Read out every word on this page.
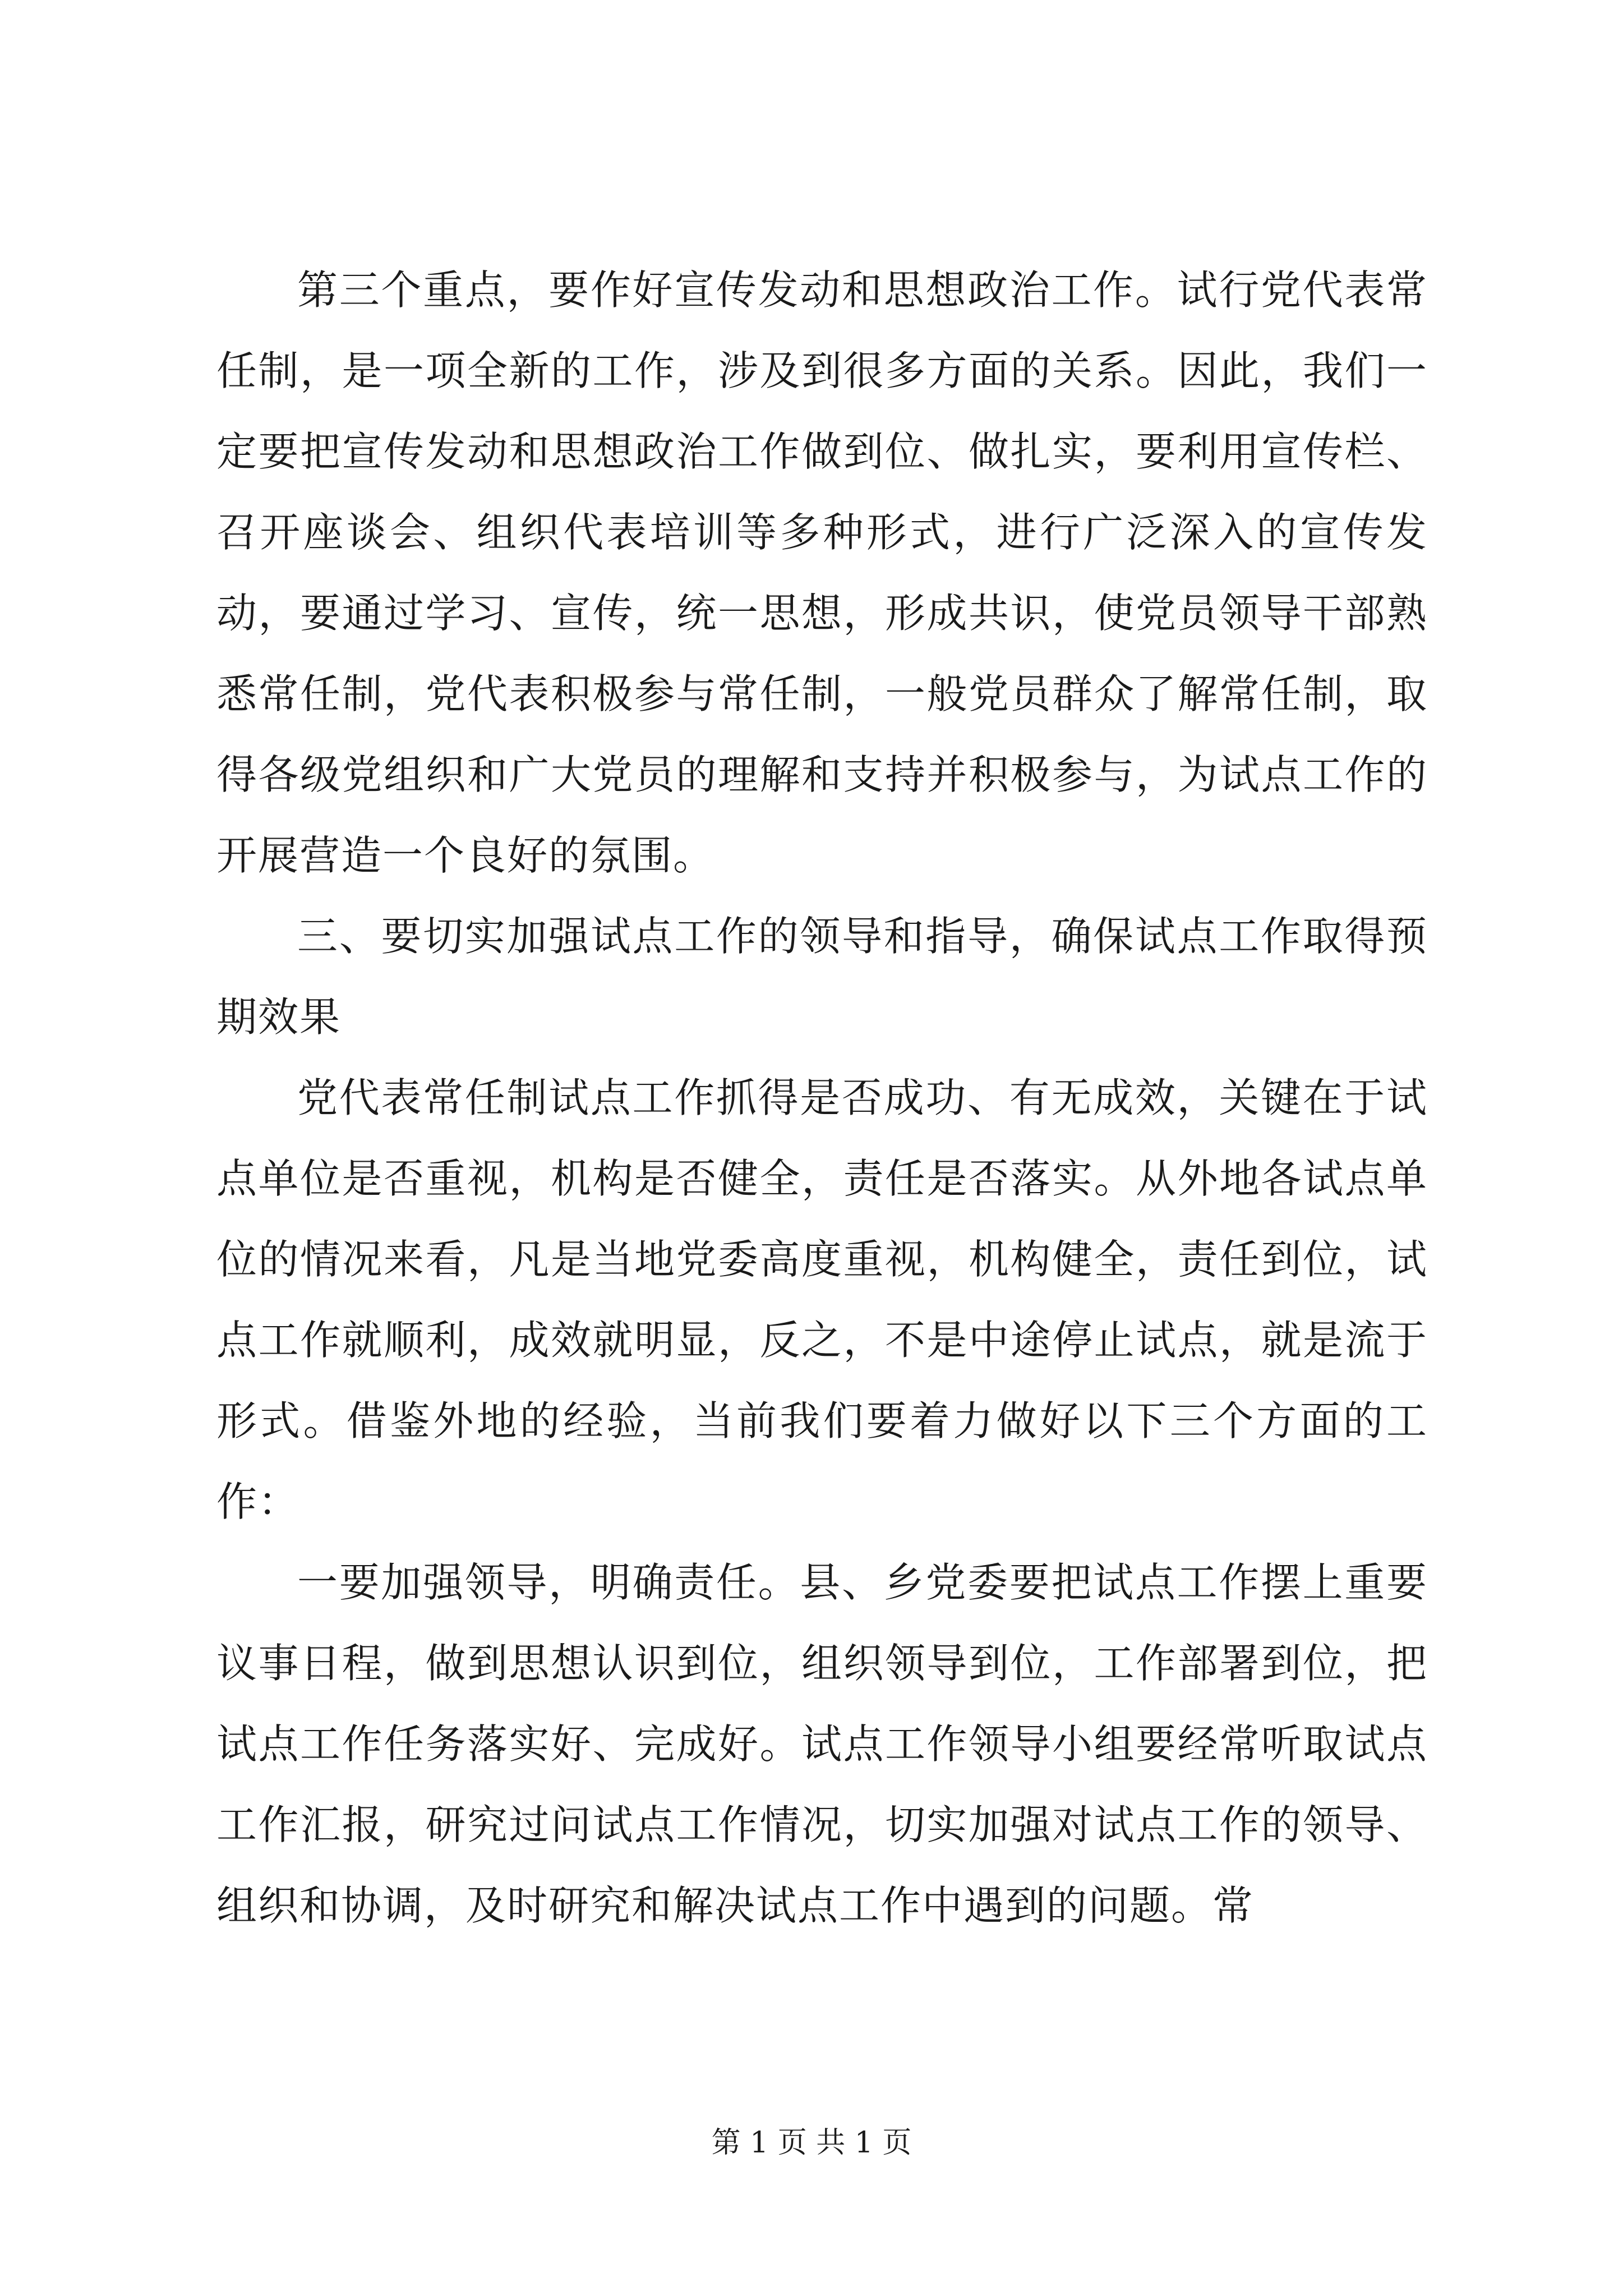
第三个重点，要作好宣传发动和思想政治工作。试行党代表常任制，是一项全新的工作，涉及到很多方面的关系。因此，我们一定要把宣传发动和思想政治工作做到位、做扎实，要利用宣传栏、召开座谈会、组织代表培训等多种形式，进行广泛深入的宣传发动，要通过学习、宣传，统一思想，形成共识，使党员领导干部熟悉常任制，党代表积极参与常任制，一般党员群众了解常任制，取得各级党组织和广大党员的理解和支持并积极参与，为试点工作的开展营造一个良好的氛围。

三、要切实加强试点工作的领导和指导，确保试点工作取得预期效果

党代表常任制试点工作抓得是否成功、有无成效，关键在于试点单位是否重视，机构是否健全，责任是否落实。从外地各试点单位的情况来看，凡是当地党委高度重视，机构健全，责任到位，试点工作就顺利，成效就明显，反之，不是中途停止试点，就是流于形式。借鉴外地的经验，当前我们要着力做好以下三个方面的工作：

一要加强领导，明确责任。县、乡党委要把试点工作摆上重要议事日程，做到思想认识到位，组织领导到位，工作部署到位，把试点工作任务落实好、完成好。试点工作领导小组要经常听取试点工作汇报，研究过问试点工作情况，切实加强对试点工作的领导、组织和协调，及时研究和解决试点工作中遇到的问题。常

第 1 页 共 1 页
